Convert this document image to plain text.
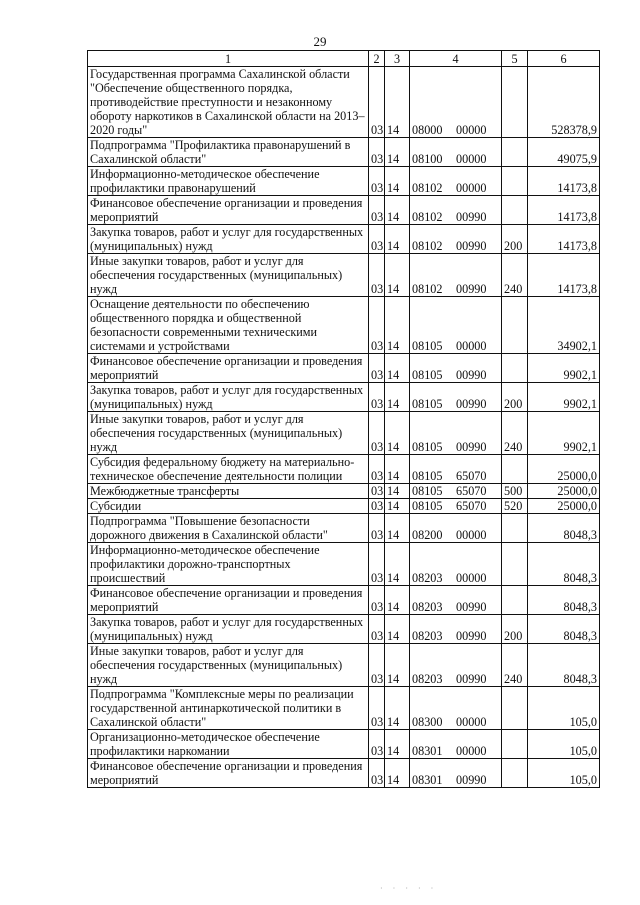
29
1	2	3	4	5	6
Государственная программа Сахалинской области "Обеспечение общественного порядка, противодействие преступности и незаконному обороту наркотиков в Сахалинской области на 2013–2020 годы"	03	14	08000 00000		528378,9
Подпрограмма "Профилактика правонарушений в Сахалинской области"	03	14	08100 00000		49075,9
Информационно-методическое обеспечение профилактики правонарушений	03	14	08102 00000		14173,8
Финансовое обеспечение организации и проведения мероприятий	03	14	08102 00990		14173,8
Закупка товаров, работ и услуг для государственных (муниципальных) нужд	03	14	08102 00990	200	14173,8
Иные закупки товаров, работ и услуг для обеспечения государственных (муниципальных) нужд	03	14	08102 00990	240	14173,8
Оснащение деятельности по обеспечению общественного порядка и общественной безопасности современными техническими системами и устройствами	03	14	08105 00000		34902,1
Финансовое обеспечение организации и проведения мероприятий	03	14	08105 00990		9902,1
Закупка товаров, работ и услуг для государственных (муниципальных) нужд	03	14	08105 00990	200	9902,1
Иные закупки товаров, работ и услуг для обеспечения государственных (муниципальных) нужд	03	14	08105 00990	240	9902,1
Субсидия федеральному бюджету на материально-техническое обеспечение деятельности полиции	03	14	08105 65070		25000,0
Межбюджетные трансферты	03	14	08105 65070	500	25000,0
Субсидии	03	14	08105 65070	520	25000,0
Подпрограмма "Повышение безопасности дорожного движения в Сахалинской области"	03	14	08200 00000		8048,3
Информационно-методическое обеспечение профилактики дорожно-транспортных происшествий	03	14	08203 00000		8048,3
Финансовое обеспечение организации и проведения мероприятий	03	14	08203 00990		8048,3
Закупка товаров, работ и услуг для государственных (муниципальных) нужд	03	14	08203 00990	200	8048,3
Иные закупки товаров, работ и услуг для обеспечения государственных (муниципальных) нужд	03	14	08203 00990	240	8048,3
Подпрограмма "Комплексные меры по реализации государственной антинаркотической политики в Сахалинской области"	03	14	08300 00000		105,0
Организационно-методическое обеспечение профилактики наркомании	03	14	08301 00000		105,0
Финансовое обеспечение организации и проведения мероприятий	03	14	08301 00990		105,0
· · · · ·
